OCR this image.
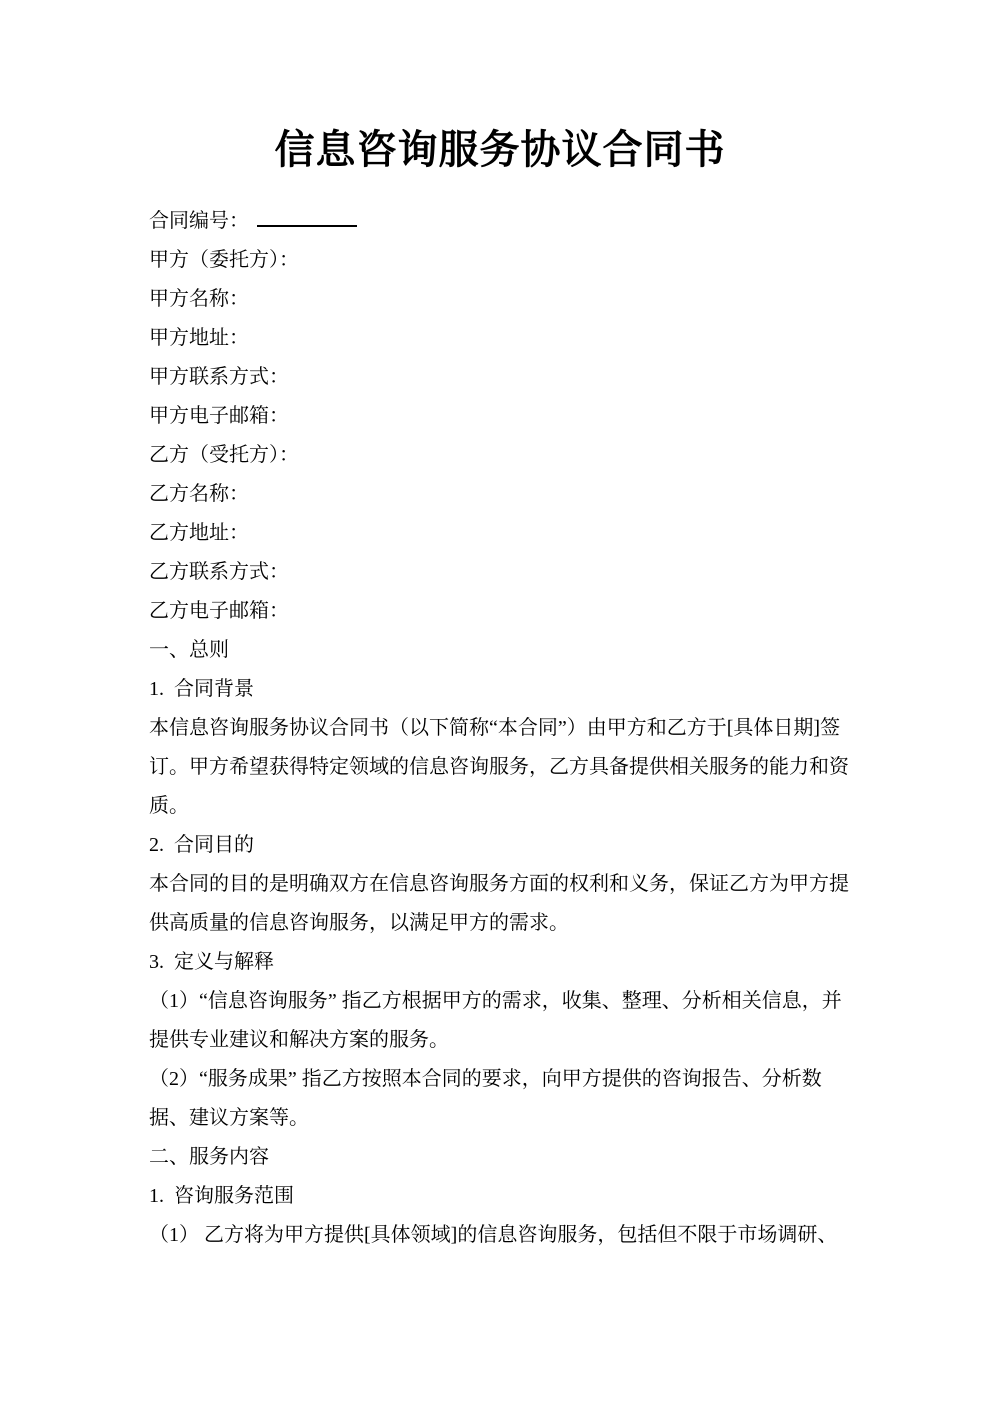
信息咨询服务协议合同书

合同编号：

甲方（委托方）：

甲方名称：

甲方地址：

甲方联系方式：

甲方电子邮箱：

乙方（受托方）：

乙方名称：

乙方地址：

乙方联系方式：

乙方电子邮箱：

一、总则

1.  合同背景

本信息咨询服务协议合同书（以下简称“本合同”）由甲方和乙方于[具体日期]签订。甲方希望获得特定领域的信息咨询服务，乙方具备提供相关服务的能力和资质。

2.  合同目的

本合同的目的是明确双方在信息咨询服务方面的权利和义务，保证乙方为甲方提供高质量的信息咨询服务，以满足甲方的需求。

3.  定义与解释

（1）“信息咨询服务” 指乙方根据甲方的需求，收集、整理、分析相关信息，并提供专业建议和解决方案的服务。

（2）“服务成果” 指乙方按照本合同的要求，向甲方提供的咨询报告、分析数据、建议方案等。

二、服务内容

1.  咨询服务范围

（1） 乙方将为甲方提供[具体领域]的信息咨询服务，包括但不限于市场调研、
